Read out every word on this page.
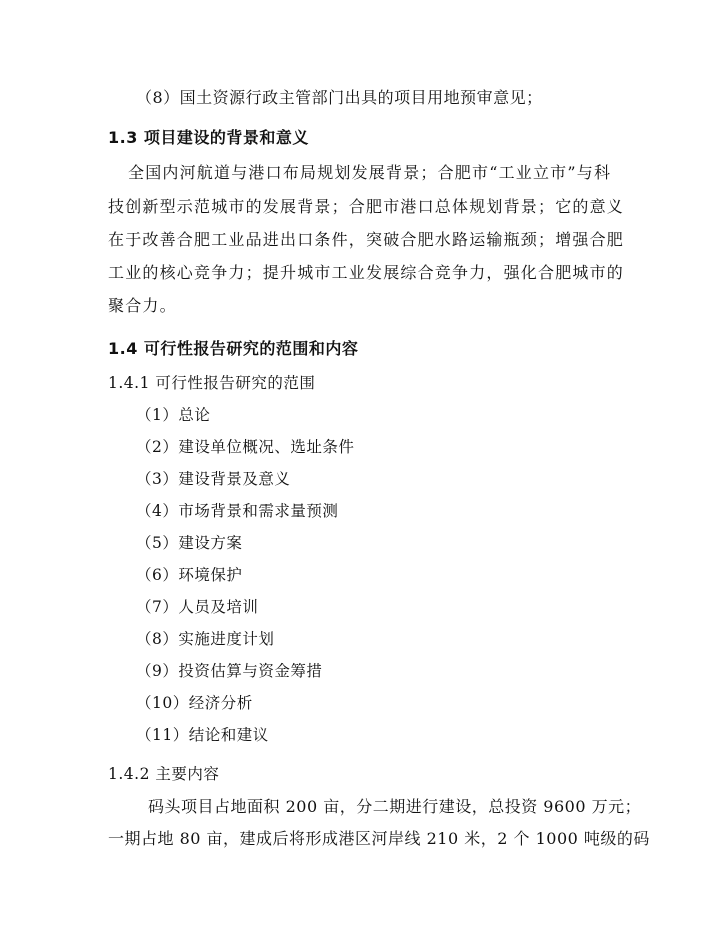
（8）国土资源行政主管部门出具的项目用地预审意见；
1.3 项目建设的背景和意义
全国内河航道与港口布局规划发展背景；合肥市“工业立市”与科
技创新型示范城市的发展背景；合肥市港口总体规划背景；它的意义
在于改善合肥工业品进出口条件，突破合肥水路运输瓶颈；增强合肥
工业的核心竞争力；提升城市工业发展综合竞争力，强化合肥城市的
聚合力。
1.4 可行性报告研究的范围和内容
1.4.1 可行性报告研究的范围
（1）总论
（2）建设单位概况、选址条件
（3）建设背景及意义
（4）市场背景和需求量预测
（5）建设方案
（6）环境保护
（7）人员及培训
（8）实施进度计划
（9）投资估算与资金筹措
（10）经济分析
（11）结论和建议
1.4.2 主要内容
码头项目占地面积 200 亩，分二期进行建设，总投资 9600 万元；
一期占地 80 亩，建成后将形成港区河岸线 210 米，2 个 1000 吨级的码
